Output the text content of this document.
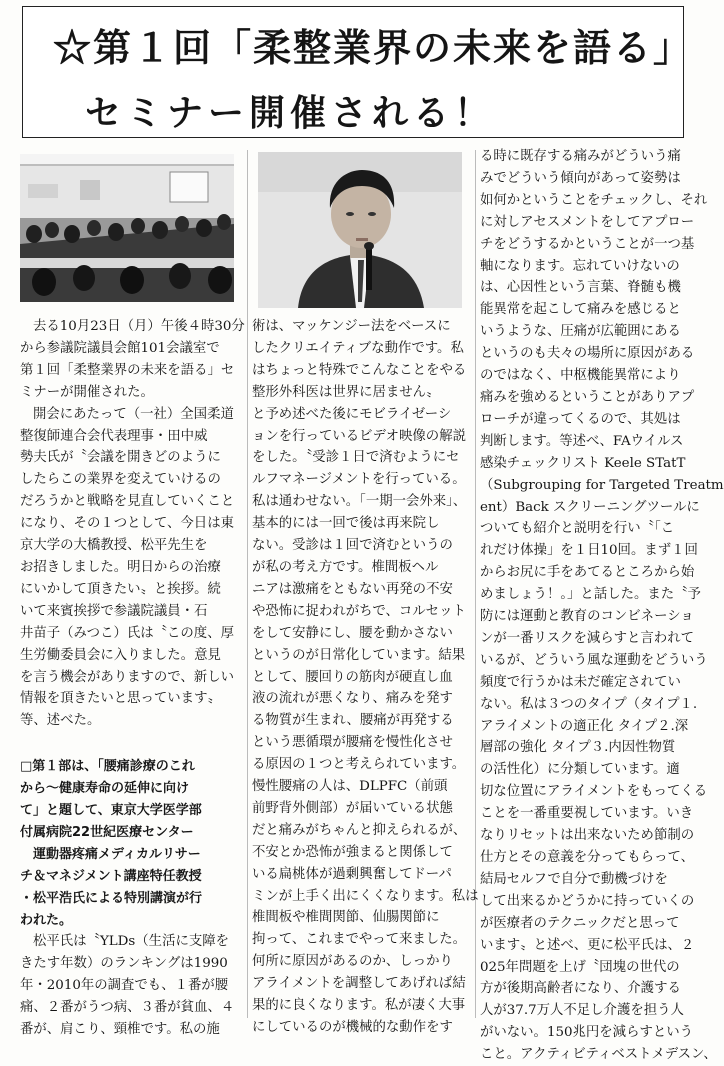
☆第１回「柔整業界の未来を語る」
セミナー開催される！
去る10月23日（月）午後４時30分
から参議院議員会館101会議室で
第１回「柔整業界の未来を語る」セ
ミナーが開催された。
開会にあたって（一社）全国柔道
整復師連合会代表理事・田中威
勢夫氏が〝会議を開きどのように
したらこの業界を変えていけるの
だろうかと戦略を見直していくこと
になり、その１つとして、今日は東
京大学の大橋教授、松平先生を
お招きしました。明日からの治療
にいかして頂きたい〟と挨拶。続
いて来賓挨拶で参議院議員・石
井苗子（みつこ）氏は〝この度、厚
生労働委員会に入りました。意見
を言う機会がありますので、新しい
情報を頂きたいと思っています〟
等、述べた。
□第１部は、「腰痛診療のこれ
から～健康寿命の延伸に向け
て」と題して、東京大学医学部
付属病院22世紀医療センター
運動器疼痛メディカルリサー
チ＆マネジメント講座特任教授
・松平浩氏による特別講演が行
われた。
松平氏は〝YLDs（生活に支障を
きたす年数）のランキングは1990
年・2010年の調査でも、１番が腰
痛、２番がうつ病、３番が貧血、４
番が、肩こり、頸椎です。私の施
術は、マッケンジー法をベースに
したクリエイティブな動作です。私
はちょっと特殊でこんなことをやる
整形外科医は世界に居ません〟
と予め述べた後にモビライゼーシ
ョンを行っているビデオ映像の解説
をした。〝受診１日で済むようにセ
ルフマネージメントを行っている。
私は通わせない。「一期一会外来」、
基本的には一回で後は再来院し
ない。受診は１回で済むというの
が私の考え方です。椎間板ヘル
ニアは激痛をともない再発の不安
や恐怖に捉われがちで、コルセット
をして安静にし、腰を動かさない
というのが日常化しています。結果
として、腰回りの筋肉が硬直し血
液の流れが悪くなり、痛みを発す
る物質が生まれ、腰痛が再発する
という悪循環が腰痛を慢性化させ
る原因の１つと考えられています。
慢性腰痛の人は、DLPFC（前頭
前野背外側部）が届いている状態
だと痛みがちゃんと抑えられるが、
不安とか恐怖が強まると関係して
いる扁桃体が過剰興奮してドーパ
ミンが上手く出にくくなります。私は
椎間板や椎間関節、仙腸関節に
拘って、これまでやって来ました。
何所に原因があるのか、しっかり
アライメントを調整してあげれば結
果的に良くなります。私が凄く大事
にしているのが機械的な動作をす
る時に既存する痛みがどういう痛
みでどういう傾向があって姿勢は
如何かということをチェックし、それ
に対しアセスメントをしてアプロー
チをどうするかということが一つ基
軸になります。忘れていけないの
は、心因性という言葉、脊髄も機
能異常を起こして痛みを感じると
いうような、圧痛が広範囲にある
というのも夫々の場所に原因がある
のではなく、中枢機能異常により
痛みを強めるということがありアプ
ローチが違ってくるので、其処は
判断します。等述べ、FAウイルス
感染チェックリスト Keele STatT
（Subgrouping for Targeted Treatm
ent）Back スクリーニングツールに
ついても紹介と説明を行い〝「こ
れだけ体操」を１日10回。まず１回
からお尻に手をあてるところから始
めましょう！。」と話した。また〝予
防には運動と教育のコンビネーショ
ンが一番リスクを減らすと言われて
いるが、どういう風な運動をどういう
頻度で行うかは未だ確定されてい
ない。私は３つのタイプ（タイプ１.
アライメントの適正化 タイプ２.深
層部の強化 タイプ３.内因性物質
の活性化）に分類しています。適
切な位置にアライメントをもってくる
ことを一番重要視しています。いき
なりリセットは出来ないため節制の
仕方とその意義を分ってもらって、
結局セルフで自分で動機づけを
して出来るかどうかに持っていくの
が医療者のテクニックだと思って
います〟と述べ、更に松平氏は、２
025年問題を上げ〝団塊の世代の
方が後期高齢者になり、介護する
人が37.7万人不足し介護を担う人
がいない。150兆円を減らすという
こと。アクティビティベストメデスン、
